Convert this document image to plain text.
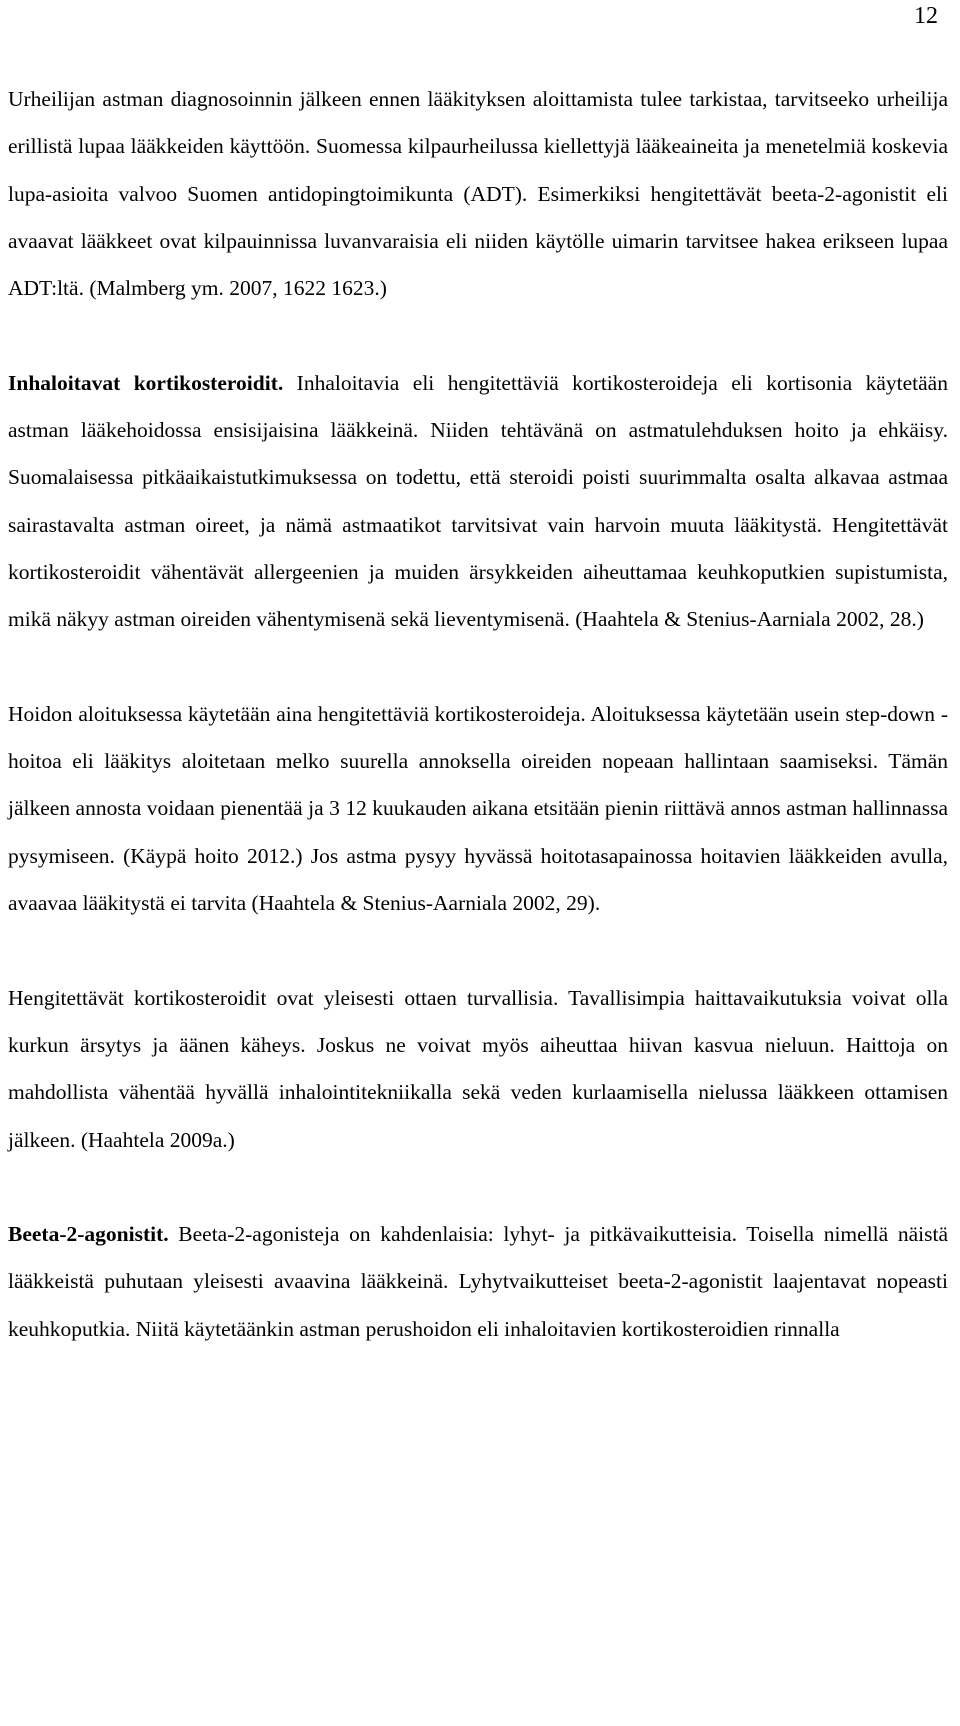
12

Urheilijan astman diagnosoinnin jälkeen ennen lääkityksen aloittamista tulee tarkistaa, tarvitseeko urheilija erillistä lupaa lääkkeiden käyttöön. Suomessa kilpaurheilussa kiellettyjä lääkeaineita ja menetelmiä koskevia lupa-asioita valvoo Suomen antidopingtoimikunta (ADT). Esimerkiksi hengitettävät beeta-2-agonistit eli avaavat lääkkeet ovat kilpauinnissa luvanvaraisia eli niiden käytölle uimarin tarvitsee hakea erikseen lupaa ADT:ltä. (Malmberg ym. 2007, 1622 1623.)

Inhaloitavat kortikosteroidit. Inhaloitavia eli hengitettäviä kortikosteroideja eli kortisonia käytetään astman lääkehoidossa ensisijaisina lääkkeinä. Niiden tehtävänä on astmatulehduksen hoito ja ehkäisy. Suomalaisessa pitkäaikaistutkimuksessa on todettu, että steroidi poisti suurimmalta osalta alkavaa astmaa sairastavalta astman oireet, ja nämä astmaatikot tarvitsivat vain harvoin muuta lääkitystä. Hengitettävät kortikosteroidit vähentävät allergeenien ja muiden ärsykkeiden aiheuttamaa keuhkoputkien supistumista, mikä näkyy astman oireiden vähentymisenä sekä lieventymisenä. (Haahtela & Stenius-Aarniala 2002, 28.)

Hoidon aloituksessa käytetään aina hengitettäviä kortikosteroideja. Aloituksessa käytetään usein step-down -hoitoa eli lääkitys aloitetaan melko suurella annoksella oireiden nopeaan hallintaan saamiseksi. Tämän jälkeen annosta voidaan pienentää ja 3 12 kuukauden aikana etsitään pienin riittävä annos astman hallinnassa pysymiseen. (Käypä hoito 2012.) Jos astma pysyy hyvässä hoitotasapainossa hoitavien lääkkeiden avulla, avaavaa lääkitystä ei tarvita (Haahtela & Stenius-Aarniala 2002, 29).

Hengitettävät kortikosteroidit ovat yleisesti ottaen turvallisia. Tavallisimpia haittavaikutuksia voivat olla kurkun ärsytys ja äänen käheys. Joskus ne voivat myös aiheuttaa hiivan kasvua nieluun. Haittoja on mahdollista vähentää hyvällä inhalointitekniikalla sekä veden kurlaamisella nielussa lääkkeen ottamisen jälkeen. (Haahtela 2009a.)

Beeta-2-agonistit. Beeta-2-agonisteja on kahdenlaisia: lyhyt- ja pitkävaikutteisia. Toisella nimellä näistä lääkkeistä puhutaan yleisesti avaavina lääkkeinä. Lyhytvaikutteiset beeta-2-agonistit laajentavat nopeasti keuhkoputkia. Niitä käytetäänkin astman perushoidon eli inhaloitavien kortikosteroidien rinnalla
